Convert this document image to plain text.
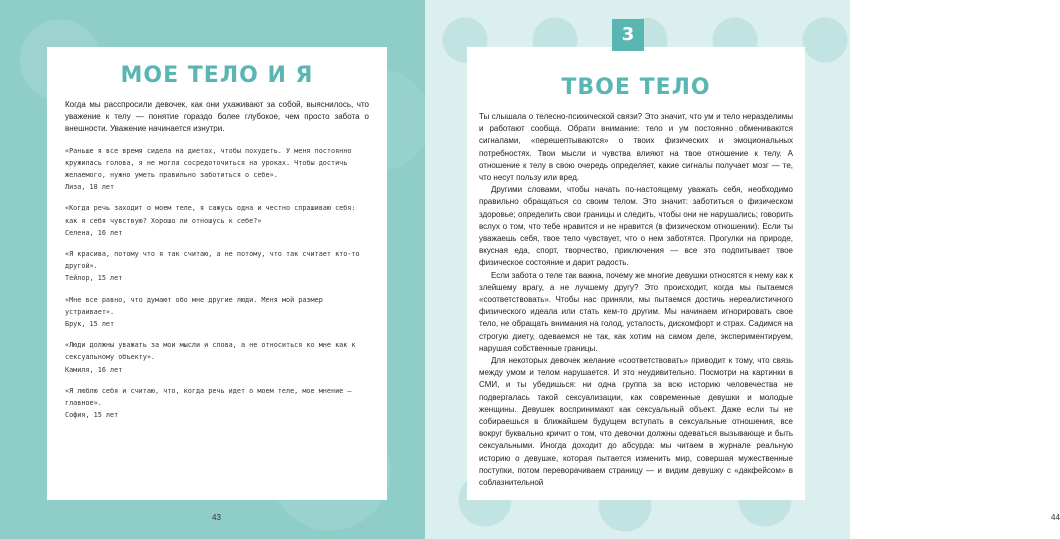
МОЕ ТЕЛО И Я

Когда мы расспросили девочек, как они ухаживают за собой, выяснилось, что уважение к телу — понятие гораздо более глубокое, чем просто забота о внешности. Уважение начинается изнутри.

«Раньше я все время сидела на диетах, чтобы похудеть. У меня постоянно кружилась голова, я не могла сосредоточиться на уроках. Чтобы достичь желаемого, нужно уметь правильно заботиться о себе».
Лиза, 18 лет
«Когда речь заходит о моем теле, я сажусь одна и честно спрашиваю себя: как я себя чувствую? Хорошо ли отношусь к себе?»
Селена, 16 лет
«Я красива, потому что я так считаю, а не потому, что так считает кто-то другой».
Тейлор, 15 лет
«Мне все равно, что думают обо мне другие люди. Меня мой размер устраивает».
Брук, 15 лет
«Люди должны уважать за мои мысли и слова, а не относиться ко мне как к сексуальному объекту».
Камиля, 16 лет
«Я люблю себя и считаю, что, когда речь идет о моем теле, мое мнение — главное».
София, 15 лет
43	44
ТВОЕ ТЕЛО

Ты слышала о телесно-психической связи? Это значит, что ум и тело неразделимы и работают сообща. Обрати внимание: тело и ум постоянно обмениваются сигналами, «перешептываются» о твоих физических и эмоциональных потребностях. Твои мысли и чувства влияют на твое отношение к телу. А отношение к телу в свою очередь определяет, какие сигналы получает мозг — те, что несут пользу или вред.

Другими словами, чтобы начать по-настоящему уважать себя, необходимо правильно обращаться со своим телом. Это значит: заботиться о физическом здоровье; определить свои границы и следить, чтобы они не нарушались; говорить вслух о том, что тебе нравится и не нравится (в физическом отношении). Если ты уважаешь себя, твое тело чувствует, что о нем заботятся. Прогулки на природе, вкусная еда, спорт, творчество, приключения — все это подпитывает твое физическое состояние и дарит радость.

Если забота о теле так важна, почему же многие девушки относятся к нему как к злейшему врагу, а не лучшему другу? Это происходит, когда мы пытаемся «соответствовать». Чтобы нас приняли, мы пытаемся достичь нереалистичного физического идеала или стать кем-то другим. Мы начинаем игнорировать свое тело, не обращать внимания на голод, усталость, дискомфорт и страх. Садимся на строгую диету, одеваемся не так, как хотим на самом деле, экспериментируем, нарушая собственные границы.

Для некоторых девочек желание «соответствовать» приводит к тому, что связь между умом и телом нарушается. И это неудивительно. Посмотри на картинки в СМИ, и ты убедишься: ни одна группа за всю историю человечества не подвергалась такой сексуализации, как современные девушки и молодые женщины. Девушек воспринимают как сексуальный объект. Даже если ты не собираешься в ближайшем будущем вступать в сексуальные отношения, все вокруг буквально кричит о том, что девочки должны одеваться вызывающе и быть сексуальными. Иногда доходит до абсурда: мы читаем в журнале реальную историю о девушке, которая пытается изменить мир, совершая мужественные поступки, потом переворачиваем страницу — и видим девушку с «дакфейсом» в соблазнительной

3
